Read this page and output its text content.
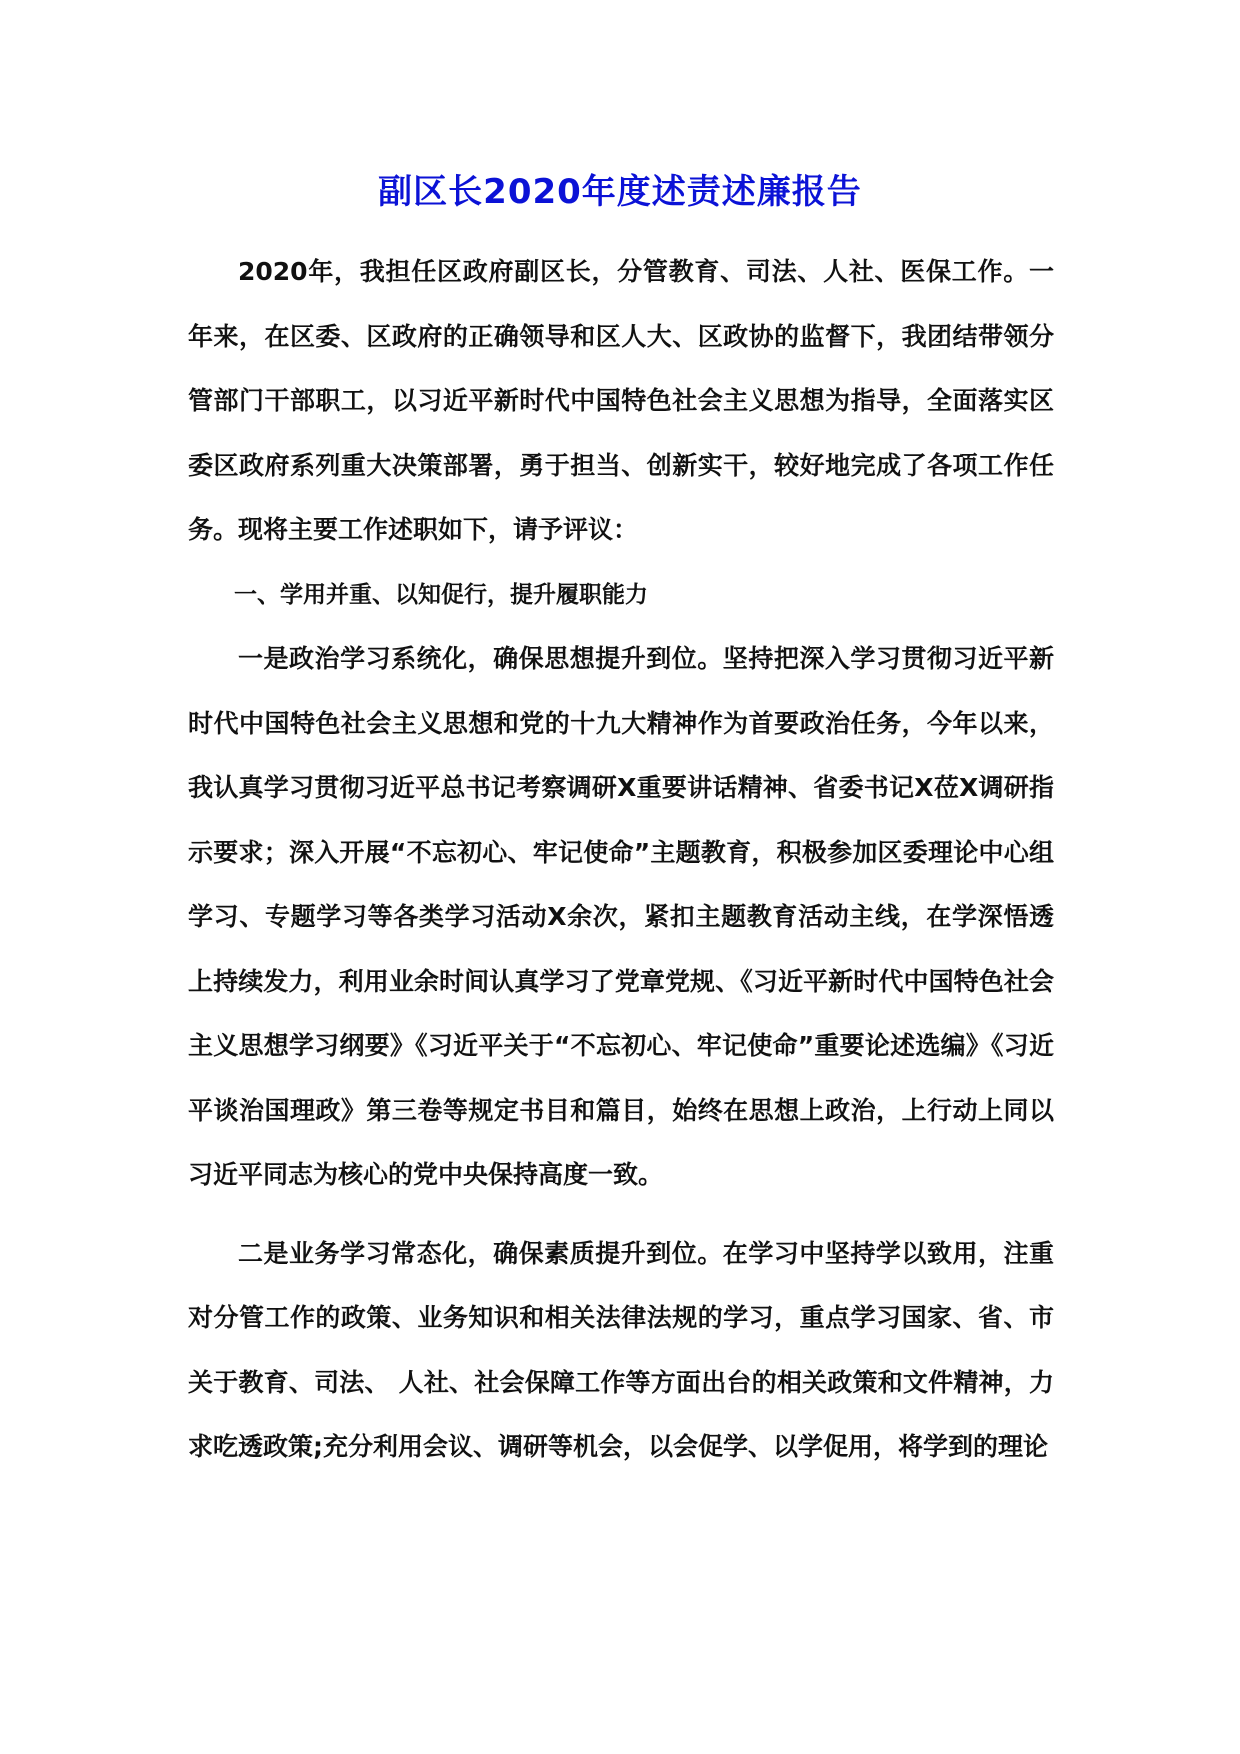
副区长2020年度述责述廉报告

2020年，我担任区政府副区长，分管教育、司法、人社、医保工作。一年来，在区委、区政府的正确领导和区人大、区政协的监督下，我团结带领分管部门干部职工，以习近平新时代中国特色社会主义思想为指导，全面落实区委区政府系列重大决策部署，勇于担当、创新实干，较好地完成了各项工作任务。现将主要工作述职如下，请予评议：

一、学用并重、以知促行，提升履职能力

一是政治学习系统化，确保思想提升到位。坚持把深入学习贯彻习近平新时代中国特色社会主义思想和党的十九大精神作为首要政治任务，今年以来，我认真学习贯彻习近平总书记考察调研X重要讲话精神、省委书记X莅X调研指示要求；深入开展“不忘初心、牢记使命”主题教育，积极参加区委理论中心组学习、专题学习等各类学习活动X余次，紧扣主题教育活动主线，在学深悟透上持续发力，利用业余时间认真学习了党章党规、《习近平新时代中国特色社会主义思想学习纲要》《习近平关于“不忘初心、牢记使命”重要论述选编》《习近平谈治国理政》第三卷等规定书目和篇目，始终在思想上政治，上行动上同以习近平同志为核心的党中央保持高度一致。

二是业务学习常态化，确保素质提升到位。在学习中坚持学以致用，注重对分管工作的政策、业务知识和相关法律法规的学习，重点学习国家、省、市关于教育、司法、 人社、社会保障工作等方面出台的相关政策和文件精神，力求吃透政策;充分利用会议、调研等机会，以会促学、以学促用，将学到的理论
